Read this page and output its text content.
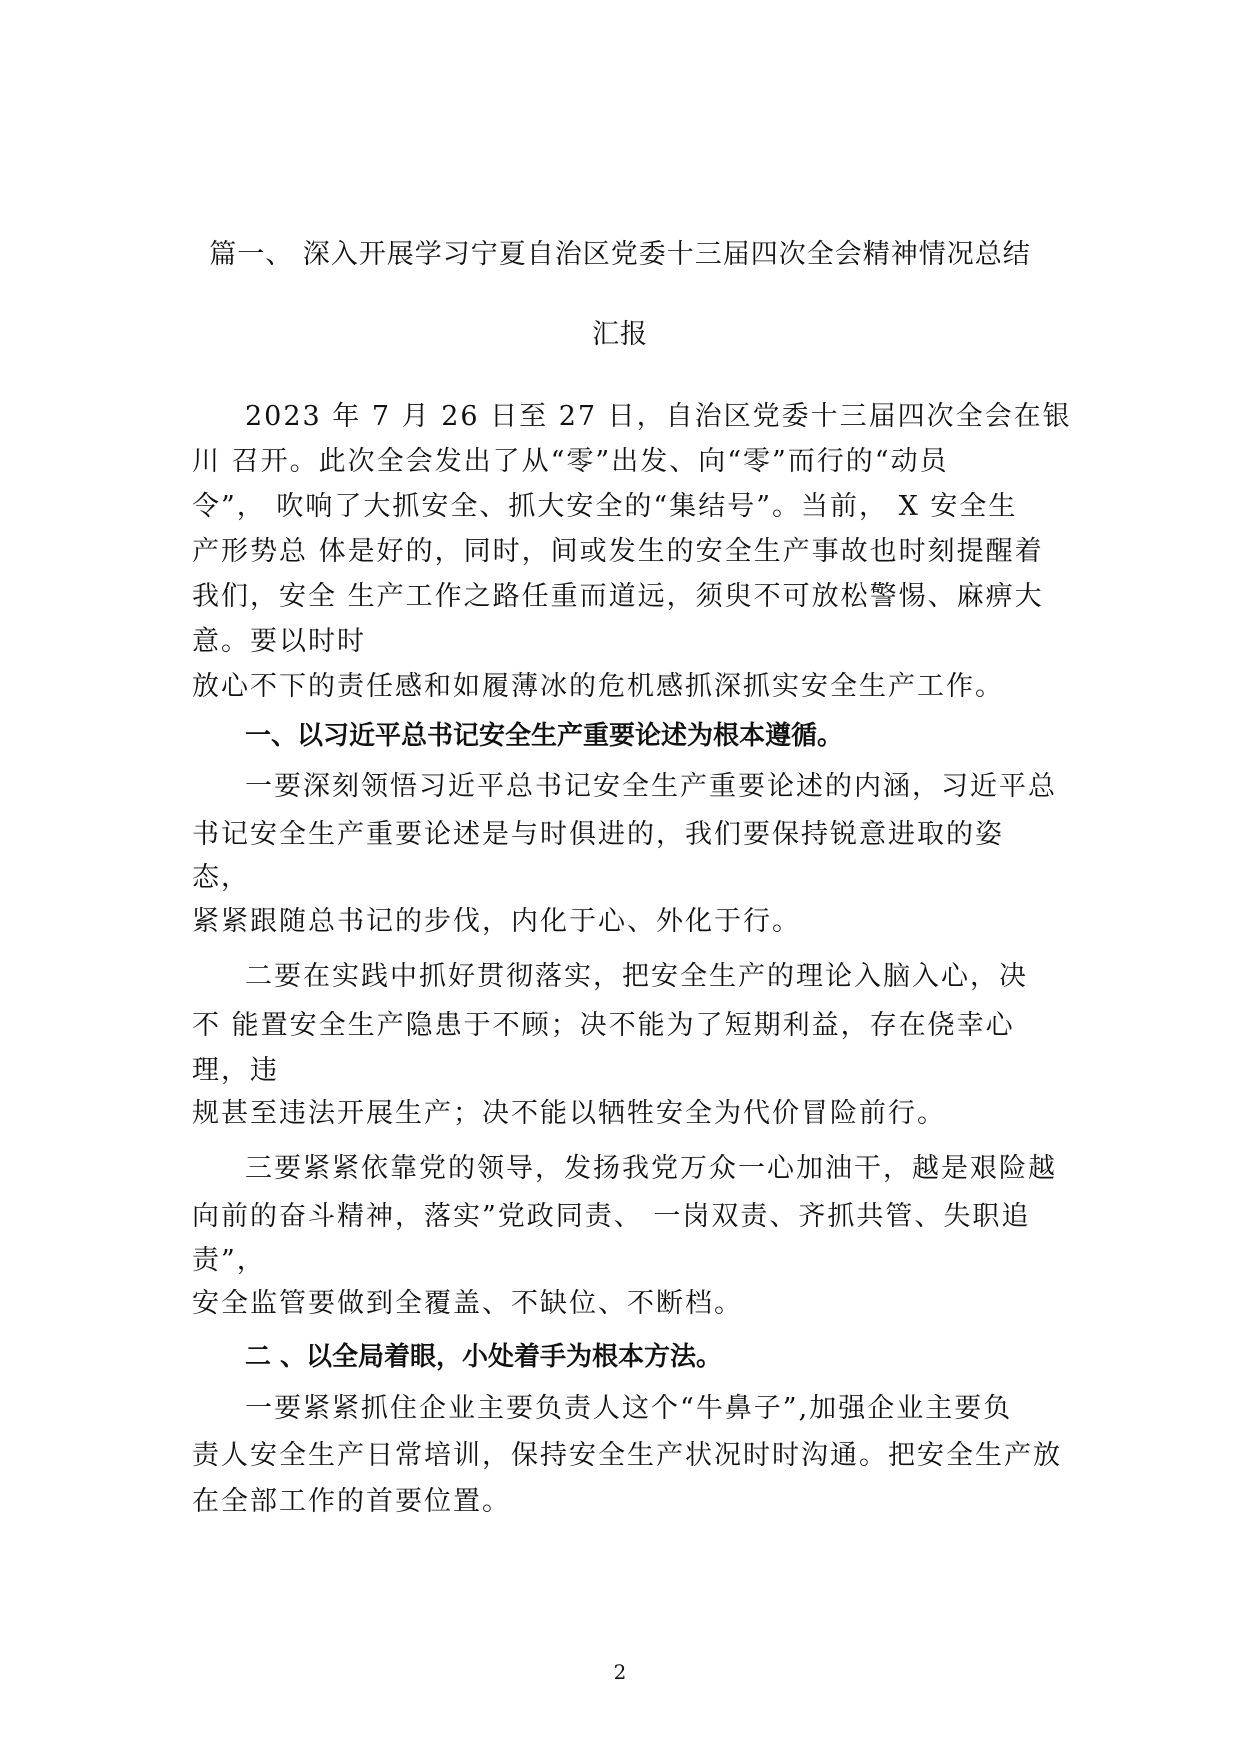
篇一、 深入开展学习宁夏自治区党委十三届四次全会精神情况总结
汇报
2023 年 7 月 26 日至 27 日，自治区党委十三届四次全会在银
川 召开。此次全会发出了从“零”出发、向“零”而行的“动员
令”， 吹响了大抓安全、抓大安全的“集结号”。当前， X 安全生
产形势总 体是好的，同时，间或发生的安全生产事故也时刻提醒着
我们，安全 生产工作之路任重而道远，须臾不可放松警惕、麻痹大
意。要以时时
放心不下的责任感和如履薄冰的危机感抓深抓实安全生产工作。
一、以习近平总书记安全生产重要论述为根本遵循。
一要深刻领悟习近平总书记安全生产重要论述的内涵，习近平总
书记安全生产重要论述是与时俱进的，我们要保持锐意进取的姿
态，
紧紧跟随总书记的步伐，内化于心、外化于行。
二要在实践中抓好贯彻落实，把安全生产的理论入脑入心，决
不 能置安全生产隐患于不顾；决不能为了短期利益，存在侥幸心
理，违
规甚至违法开展生产；决不能以牺牲安全为代价冒险前行。
三要紧紧依靠党的领导，发扬我党万众一心加油干，越是艰险越
向前的奋斗精神，落实”党政同责、 一岗双责、齐抓共管、失职追
责”，
安全监管要做到全覆盖、不缺位、不断档。
二 、以全局着眼，小处着手为根本方法。
一要紧紧抓住企业主要负责人这个“牛鼻子”,加强企业主要负
责人安全生产日常培训，保持安全生产状况时时沟通。把安全生产放
在全部工作的首要位置。
2
